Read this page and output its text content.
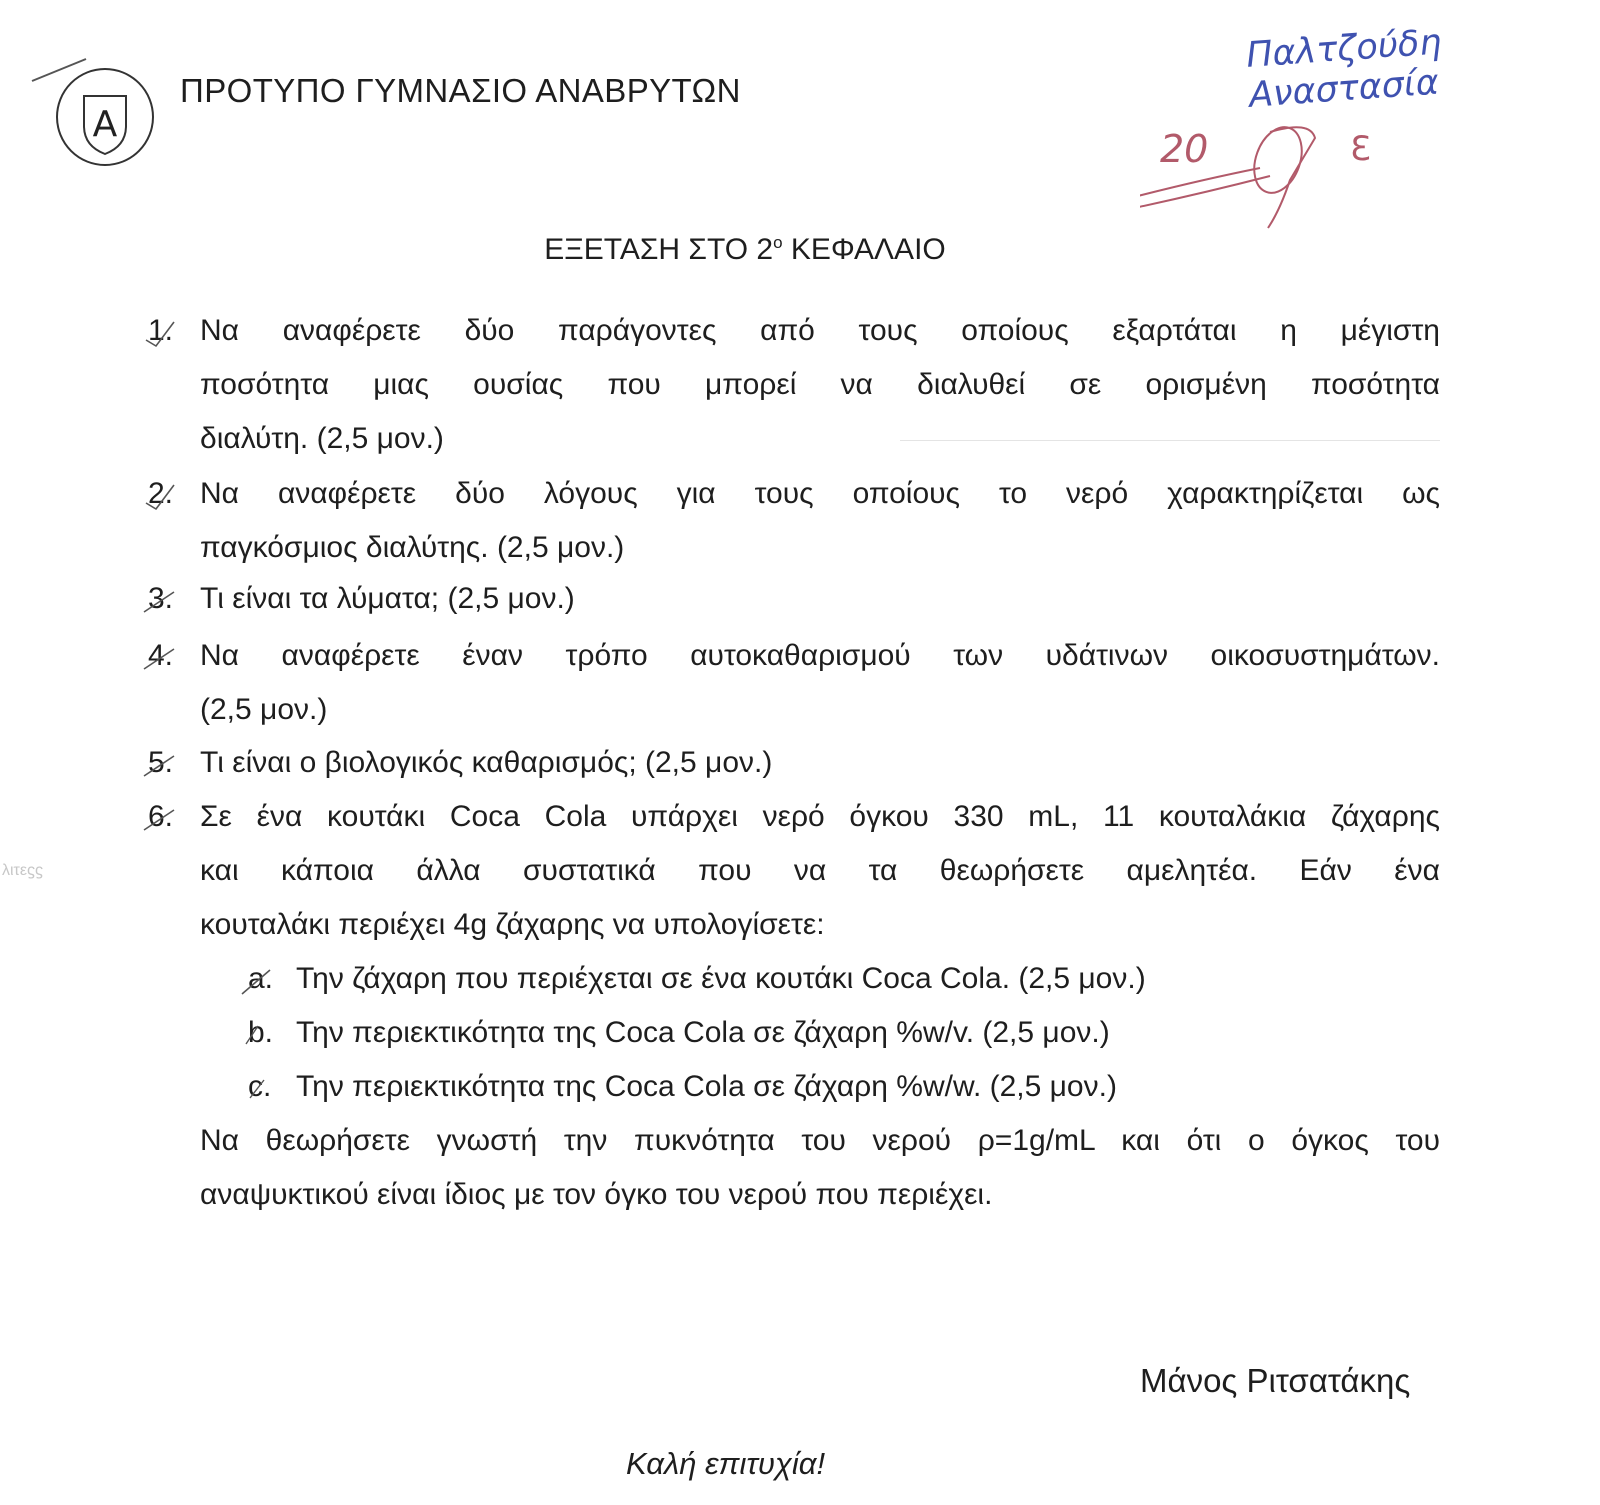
A
ΠΡΟΤΥΠΟ ΓΥΜΝΑΣΙΟ ΑΝΑΒΡΥΤΩΝ
Παλτζούδη Αναστασία
20	Ɛ
ΕΞΕΤΑΣΗ ΣΤΟ $2^o$ ΚΕΦΑΛΑΙΟ
1. Να αναφέρετε δύο παράγοντες από τους οποίους εξαρτάται η μέγιστη
ποσότητα μιας ουσίας που μπορεί να διαλυθεί σε ορισμένη ποσότητα
διαλύτη. (2,5 μον.)
2. Να αναφέρετε δύο λόγους για τους οποίους το νερό χαρακτηρίζεται ως
παγκόσμιος διαλύτης. (2,5 μον.)
3. Τι είναι τα λύματα; (2,5 μον.)
4. Να αναφέρετε έναν τρόπο αυτοκαθαρισμού των υδάτινων οικοσυστημάτων.
(2,5 μον.)
5. Τι είναι ο βιολογικός καθαρισμός; (2,5 μον.)
6. Σε ένα κουτάκι Coca Cola υπάρχει νερό όγκου 330 mL, 11 κουταλάκια ζάχαρης
και κάποια άλλα συστατικά που να τα θεωρήσετε αμελητέα. Εάν ένα
κουταλάκι περιέχει 4g ζάχαρης να υπολογίσετε:
λιτεϛϛ
a. Την ζάχαρη που περιέχεται σε ένα κουτάκι Coca Cola. (2,5 μον.)
b. Την περιεκτικότητα της Coca Cola σε ζάχαρη %w/v. (2,5 μον.)
c. Την περιεκτικότητα της Coca Cola σε ζάχαρη %w/w. (2,5 μον.)
Να θεωρήσετε γνωστή την πυκνότητα του νερού ρ=1g/mL και ότι ο όγκος του
αναψυκτικού είναι ίδιος με τον όγκο του νερού που περιέχει.
Μάνος Ριτσατάκης
Καλή επιτυχία!
